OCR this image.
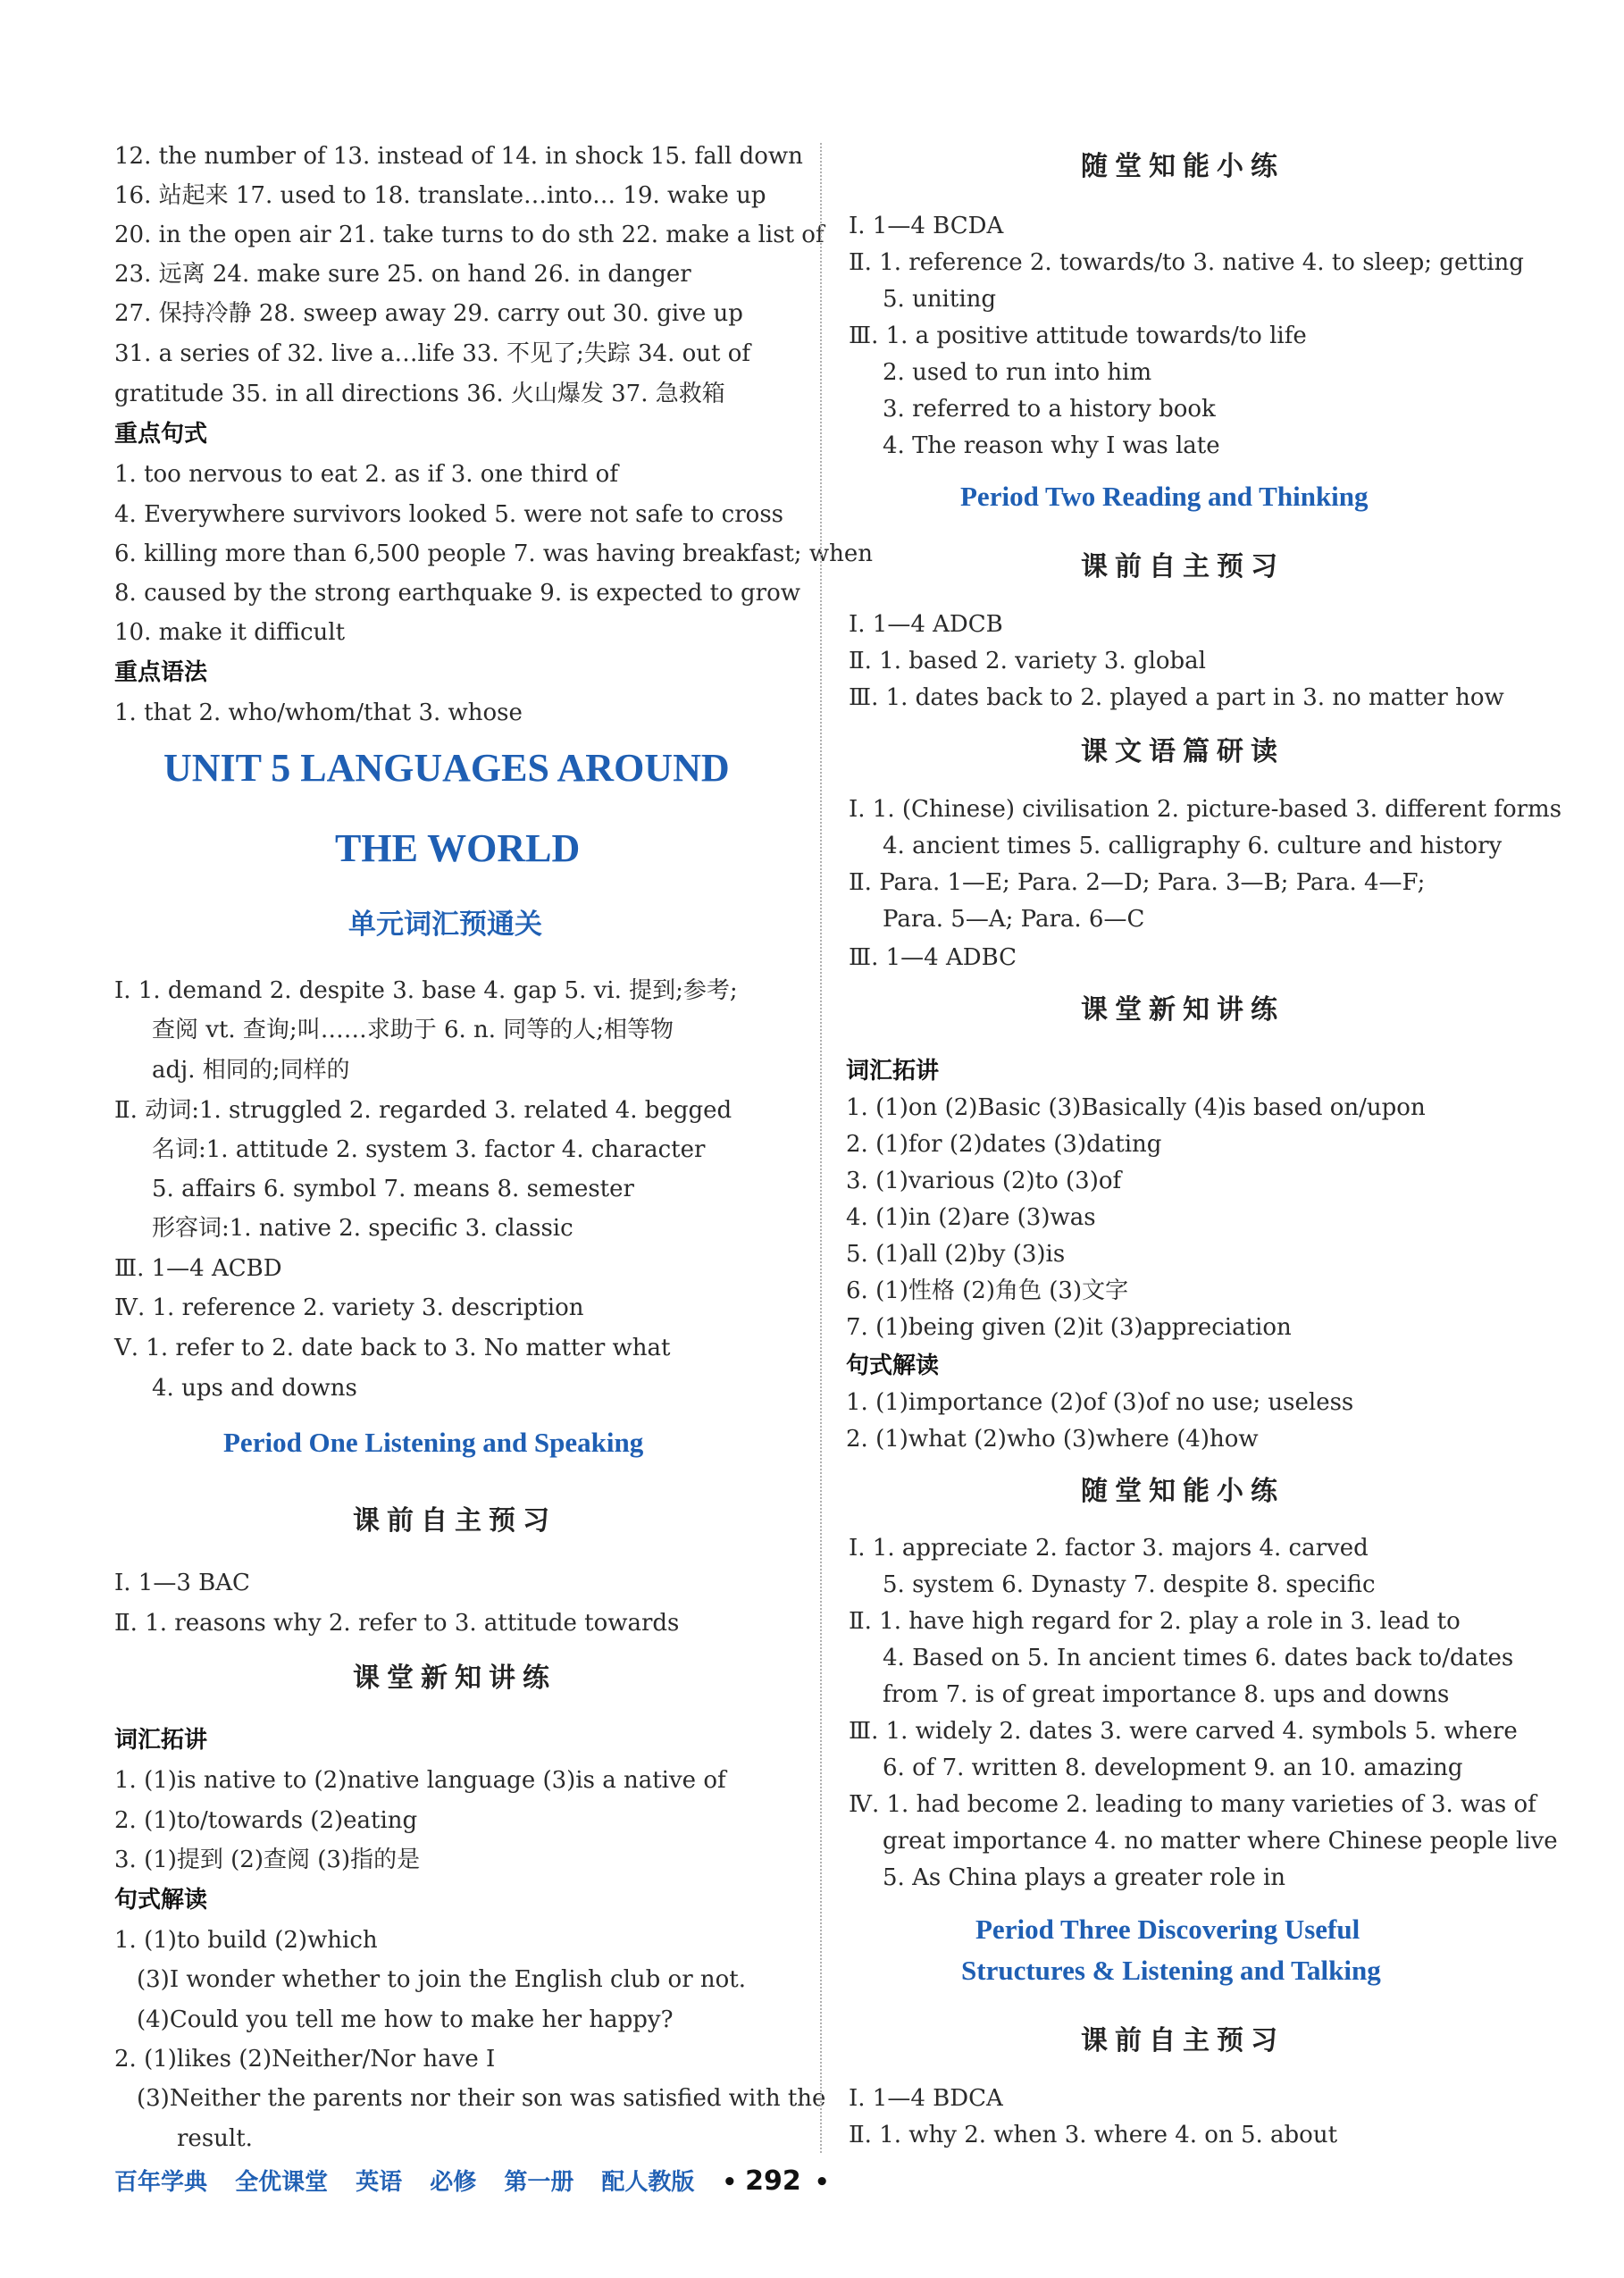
12. the number of 13. instead of 14. in shock 15. fall down
16. 站起来 17. used to 18. translate…into… 19. wake up
20. in the open air 21. take turns to do sth 22. make a list of
23. 远离 24. make sure 25. on hand 26. in danger
27. 保持冷静 28. sweep away 29. carry out 30. give up
31. a series of 32. live a…life 33. 不见了;失踪 34. out of
gratitude 35. in all directions 36. 火山爆发 37. 急救箱
重点句式
1. too nervous to eat 2. as if 3. one third of
4. Everywhere survivors looked 5. were not safe to cross
6. killing more than 6,500 people 7. was having breakfast; when
8. caused by the strong earthquake 9. is expected to grow
10. make it difficult
重点语法
1. that 2. who/whom/that 3. whose
UNIT 5 LANGUAGES AROUND
THE WORLD
单元词汇预通关
Ⅰ. 1. demand 2. despite 3. base 4. gap 5. vi. 提到;参考;
查阅 vt. 查询;叫……求助于 6. n. 同等的人;相等物
adj. 相同的;同样的
Ⅱ. 动词:1. struggled 2. regarded 3. related 4. begged
名词:1. attitude 2. system 3. factor 4. character
5. affairs 6. symbol 7. means 8. semester
形容词:1. native 2. specific 3. classic
Ⅲ. 1—4 ACBD
Ⅳ. 1. reference 2. variety 3. description
Ⅴ. 1. refer to 2. date back to 3. No matter what
4. ups and downs
Period One Listening and Speaking
课前自主预习
Ⅰ. 1—3 BAC
Ⅱ. 1. reasons why 2. refer to 3. attitude towards
课堂新知讲练
词汇拓讲
1. (1)is native to (2)native language (3)is a native of
2. (1)to/towards (2)eating
3. (1)提到 (2)查阅 (3)指的是
句式解读
1. (1)to build (2)which
(3)I wonder whether to join the English club or not.
(4)Could you tell me how to make her happy?
2. (1)likes (2)Neither/Nor have I
(3)Neither the parents nor their son was satisfied with the
result.
随堂知能小练
Ⅰ. 1—4 BCDA
Ⅱ. 1. reference 2. towards/to 3. native 4. to sleep; getting
5. uniting
Ⅲ. 1. a positive attitude towards/to life
2. used to run into him
3. referred to a history book
4. The reason why I was late
Period Two Reading and Thinking
课前自主预习
Ⅰ. 1—4 ADCB
Ⅱ. 1. based 2. variety 3. global
Ⅲ. 1. dates back to 2. played a part in 3. no matter how
课文语篇研读
Ⅰ. 1. (Chinese) civilisation 2. picture-based 3. different forms
4. ancient times 5. calligraphy 6. culture and history
Ⅱ. Para. 1—E; Para. 2—D; Para. 3—B; Para. 4—F;
Para. 5—A; Para. 6—C
Ⅲ. 1—4 ADBC
课堂新知讲练
词汇拓讲
1. (1)on (2)Basic (3)Basically (4)is based on/upon
2. (1)for (2)dates (3)dating
3. (1)various (2)to (3)of
4. (1)in (2)are (3)was
5. (1)all (2)by (3)is
6. (1)性格 (2)角色 (3)文字
7. (1)being given (2)it (3)appreciation
句式解读
1. (1)importance (2)of (3)of no use; useless
2. (1)what (2)who (3)where (4)how
随堂知能小练
Ⅰ. 1. appreciate 2. factor 3. majors 4. carved
5. system 6. Dynasty 7. despite 8. specific
Ⅱ. 1. have high regard for 2. play a role in 3. lead to
4. Based on 5. In ancient times 6. dates back to/dates
from 7. is of great importance 8. ups and downs
Ⅲ. 1. widely 2. dates 3. were carved 4. symbols 5. where
6. of 7. written 8. development 9. an 10. amazing
Ⅳ. 1. had become 2. leading to many varieties of 3. was of
great importance 4. no matter where Chinese people live
5. As China plays a greater role in
Period Three Discovering Useful
Structures & Listening and Talking
课前自主预习
Ⅰ. 1—4 BDCA
Ⅱ. 1. why 2. when 3. where 4. on 5. about
百年学典 全优课堂 英语 必修 第一册 配人教版 • 292 •
